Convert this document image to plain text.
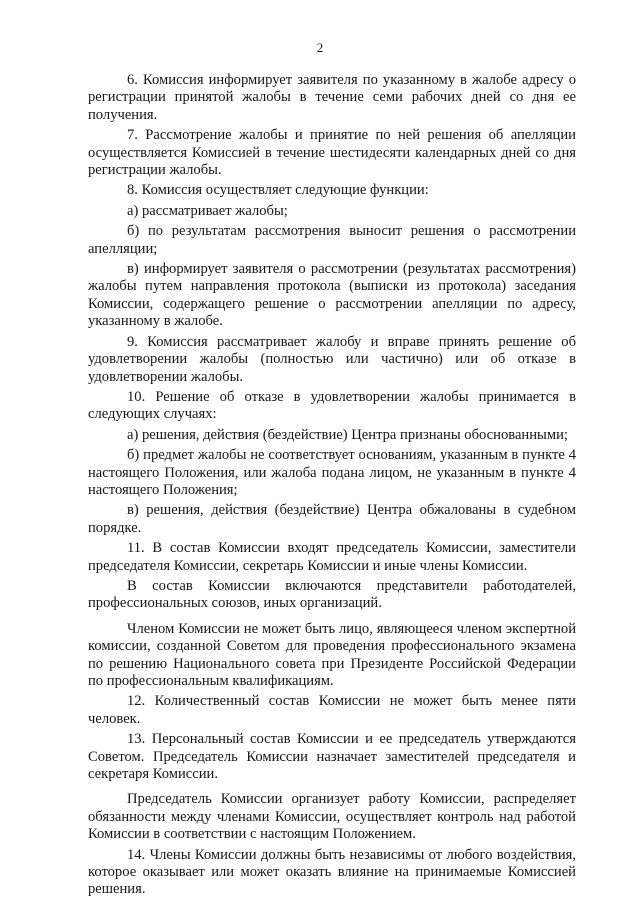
2

6. Комиссия информирует заявителя по указанному в жалобе адресу о регистрации принятой жалобы в течение семи рабочих дней со дня ее получения.

7. Рассмотрение жалобы и принятие по ней решения об апелляции осуществляется Комиссией в течение шестидесяти календарных дней со дня регистрации жалобы.

8. Комиссия осуществляет следующие функции:

а) рассматривает жалобы;

б) по результатам рассмотрения выносит решения о рассмотрении апелляции;

в) информирует заявителя о рассмотрении (результатах рассмотрения) жалобы путем направления протокола (выписки из протокола) заседания Комиссии, содержащего решение о рассмотрении апелляции по адресу, указанному в жалобе.

9. Комиссия рассматривает жалобу и вправе принять решение об удовлетворении жалобы (полностью или частично) или об отказе в удовлетворении жалобы.

10. Решение об отказе в удовлетворении жалобы принимается в следующих случаях:

а) решения, действия (бездействие) Центра признаны обоснованными;

б) предмет жалобы не соответствует основаниям, указанным в пункте 4 настоящего Положения, или жалоба подана лицом, не указанным в пункте 4 настоящего Положения;

в) решения, действия (бездействие) Центра обжалованы в судебном порядке.

11. В состав Комиссии входят председатель Комиссии, заместители председателя Комиссии, секретарь Комиссии и иные члены Комиссии.

В состав Комиссии включаются представители работодателей, профессиональных союзов, иных организаций.

Членом Комиссии не может быть лицо, являющееся членом экспертной комиссии, созданной Советом для проведения профессионального экзамена по решению Национального совета при Президенте Российской Федерации по профессиональным квалификациям.

12. Количественный состав Комиссии не может быть менее пяти человек.

13. Персональный состав Комиссии и ее председатель утверждаются Советом. Председатель Комиссии назначает заместителей председателя и секретаря Комиссии.

Председатель Комиссии организует работу Комиссии, распределяет обязанности между членами Комиссии, осуществляет контроль над работой Комиссии в соответствии с настоящим Положением.

14. Члены Комиссии должны быть независимы от любого воздействия, которое оказывает или может оказать влияние на принимаемые Комиссией решения.
